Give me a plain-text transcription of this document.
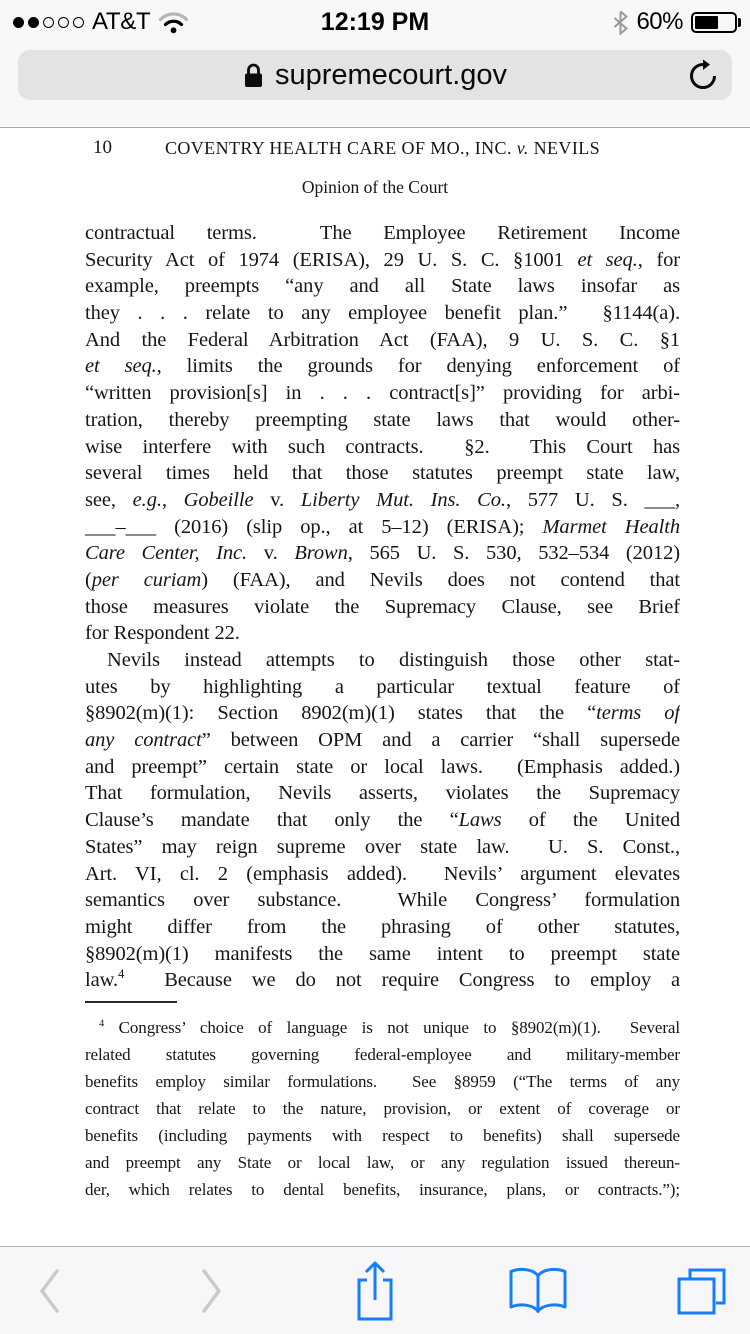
AT&T	12:19 PM	60%
supremecourt.gov
10	COVENTRY HEALTH CARE OF MO., INC. v. NEVILS
Opinion of the Court
contractual terms.  The Employee Retirement Income
Security Act of 1974 (ERISA), 29 U. S. C. §1001 et seq., for
example, preempts “any and all State laws insofar as
they . . . relate to any employee benefit plan.”  §1144(a).
And the Federal Arbitration Act (FAA), 9 U. S. C. §1
et seq., limits the grounds for denying enforcement of
“written provision[s] in . . . contract[s]” providing for arbi-
tration, thereby preempting state laws that would other-
wise interfere with such contracts.  §2.  This Court has
several times held that those statutes preempt state law,
see, e.g., Gobeille v. Liberty Mut. Ins. Co., 577 U. S. ___,
___–___ (2016) (slip op., at 5–12) (ERISA); Marmet Health
Care Center, Inc. v. Brown, 565 U. S. 530, 532–534 (2012)
(per curiam) (FAA), and Nevils does not contend that
those measures violate the Supremacy Clause, see Brief
for Respondent 22.
Nevils instead attempts to distinguish those other stat-
utes by highlighting a particular textual feature of
§8902(m)(1): Section 8902(m)(1) states that the “terms of
any contract” between OPM and a carrier “shall supersede
and preempt” certain state or local laws.  (Emphasis added.)
That formulation, Nevils asserts, violates the Supremacy
Clause’s mandate that only the “Laws of the United
States” may reign supreme over state law.  U. S. Const.,
Art. VI, cl. 2 (emphasis added).  Nevils’ argument elevates
semantics over substance.  While Congress’ formulation
might differ from the phrasing of other statutes,
§8902(m)(1) manifests the same intent to preempt state
law.$^4$  Because we do not require Congress to employ a
$^4$ Congress’ choice of language is not unique to §8902(m)(1).  Several
related statutes governing federal-employee and military-member
benefits employ similar formulations.  See §8959 (“The terms of any
contract that relate to the nature, provision, or extent of coverage or
benefits (including payments with respect to benefits) shall supersede
and preempt any State or local law, or any regulation issued thereun-
der, which relates to dental benefits, insurance, plans, or contracts.”);
